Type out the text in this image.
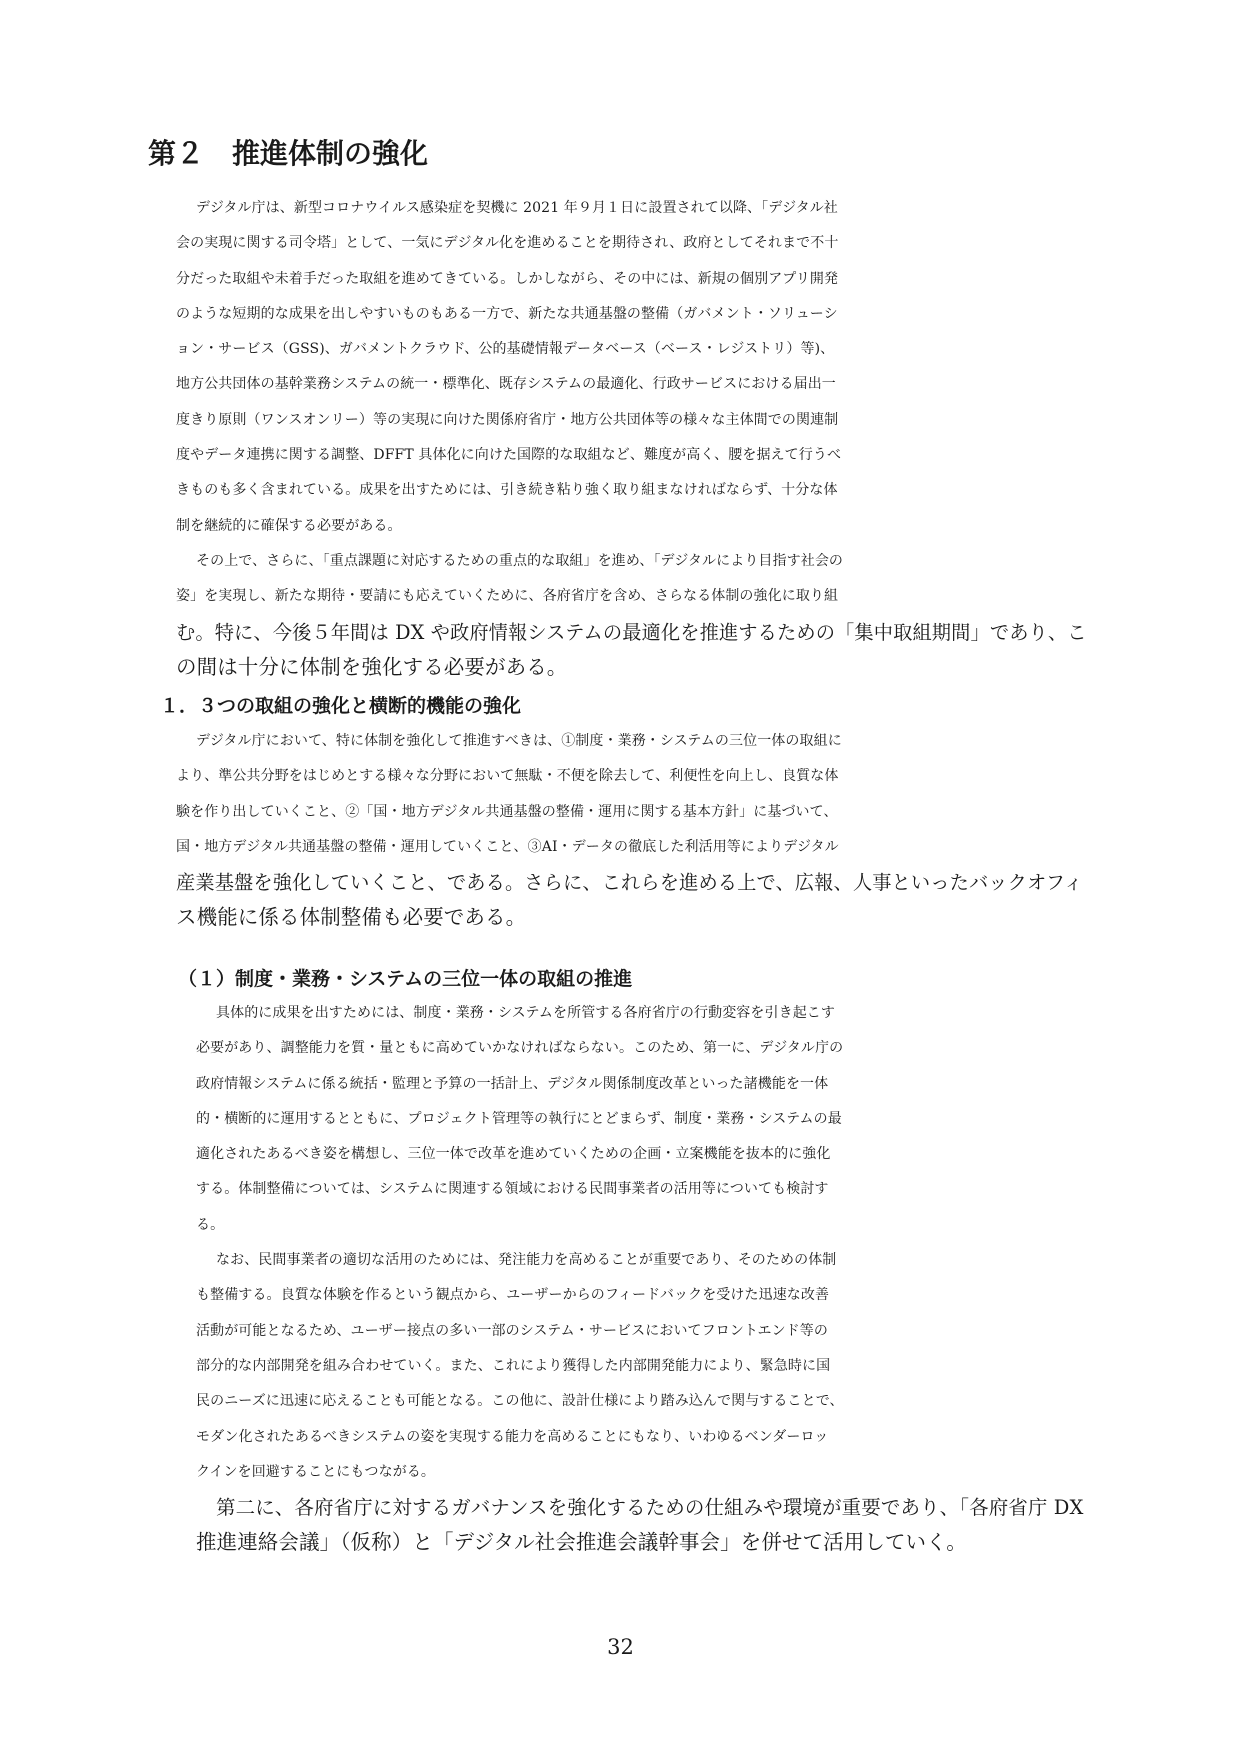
第２　推進体制の強化
デジタル庁は、新型コロナウイルス感染症を契機に 2021 年９月１日に設置されて以降、「デジタル社
会の実現に関する司令塔」として、一気にデジタル化を進めることを期待され、政府としてそれまで不十
分だった取組や未着手だった取組を進めてきている。しかしながら、その中には、新規の個別アプリ開発
のような短期的な成果を出しやすいものもある一方で、新たな共通基盤の整備（ガバメント・ソリューシ
ョン・サービス（GSS)、ガバメントクラウド、公的基礎情報データベース（ベース・レジストリ）等)、
地方公共団体の基幹業務システムの統一・標準化、既存システムの最適化、行政サービスにおける届出一
度きり原則（ワンスオンリー）等の実現に向けた関係府省庁・地方公共団体等の様々な主体間での関連制
度やデータ連携に関する調整、DFFT 具体化に向けた国際的な取組など、難度が高く、腰を据えて行うべ
きものも多く含まれている。成果を出すためには、引き続き粘り強く取り組まなければならず、十分な体
制を継続的に確保する必要がある。
その上で、さらに、「重点課題に対応するための重点的な取組」を進め、「デジタルにより目指す社会の
姿」を実現し、新たな期待・要請にも応えていくために、各府省庁を含め、さらなる体制の強化に取り組
む。特に、今後５年間は DX や政府情報システムの最適化を推進するための「集中取組期間」であり、こ
の間は十分に体制を強化する必要がある。
１．３つの取組の強化と横断的機能の強化
デジタル庁において、特に体制を強化して推進すべきは、①制度・業務・システムの三位一体の取組に
より、準公共分野をはじめとする様々な分野において無駄・不便を除去して、利便性を向上し、良質な体
験を作り出していくこと、②「国・地方デジタル共通基盤の整備・運用に関する基本方針」に基づいて、
国・地方デジタル共通基盤の整備・運用していくこと、③AI・データの徹底した利活用等によりデジタル
産業基盤を強化していくこと、である。さらに、これらを進める上で、広報、人事といったバックオフィ
ス機能に係る体制整備も必要である。
（１）制度・業務・システムの三位一体の取組の推進
具体的に成果を出すためには、制度・業務・システムを所管する各府省庁の行動変容を引き起こす
必要があり、調整能力を質・量ともに高めていかなければならない。このため、第一に、デジタル庁の
政府情報システムに係る統括・監理と予算の一括計上、デジタル関係制度改革といった諸機能を一体
的・横断的に運用するとともに、プロジェクト管理等の執行にとどまらず、制度・業務・システムの最
適化されたあるべき姿を構想し、三位一体で改革を進めていくための企画・立案機能を抜本的に強化
する。体制整備については、システムに関連する領域における民間事業者の活用等についても検討す
る。
なお、民間事業者の適切な活用のためには、発注能力を高めることが重要であり、そのための体制
も整備する。良質な体験を作るという観点から、ユーザーからのフィードバックを受けた迅速な改善
活動が可能となるため、ユーザー接点の多い一部のシステム・サービスにおいてフロントエンド等の
部分的な内部開発を組み合わせていく。また、これにより獲得した内部開発能力により、緊急時に国
民のニーズに迅速に応えることも可能となる。この他に、設計仕様により踏み込んで関与することで、
モダン化されたあるべきシステムの姿を実現する能力を高めることにもなり、いわゆるベンダーロッ
クインを回避することにもつながる。
第二に、各府省庁に対するガバナンスを強化するための仕組みや環境が重要であり、「各府省庁 DX
推進連絡会議」（仮称）と「デジタル社会推進会議幹事会」を併せて活用していく。
32
